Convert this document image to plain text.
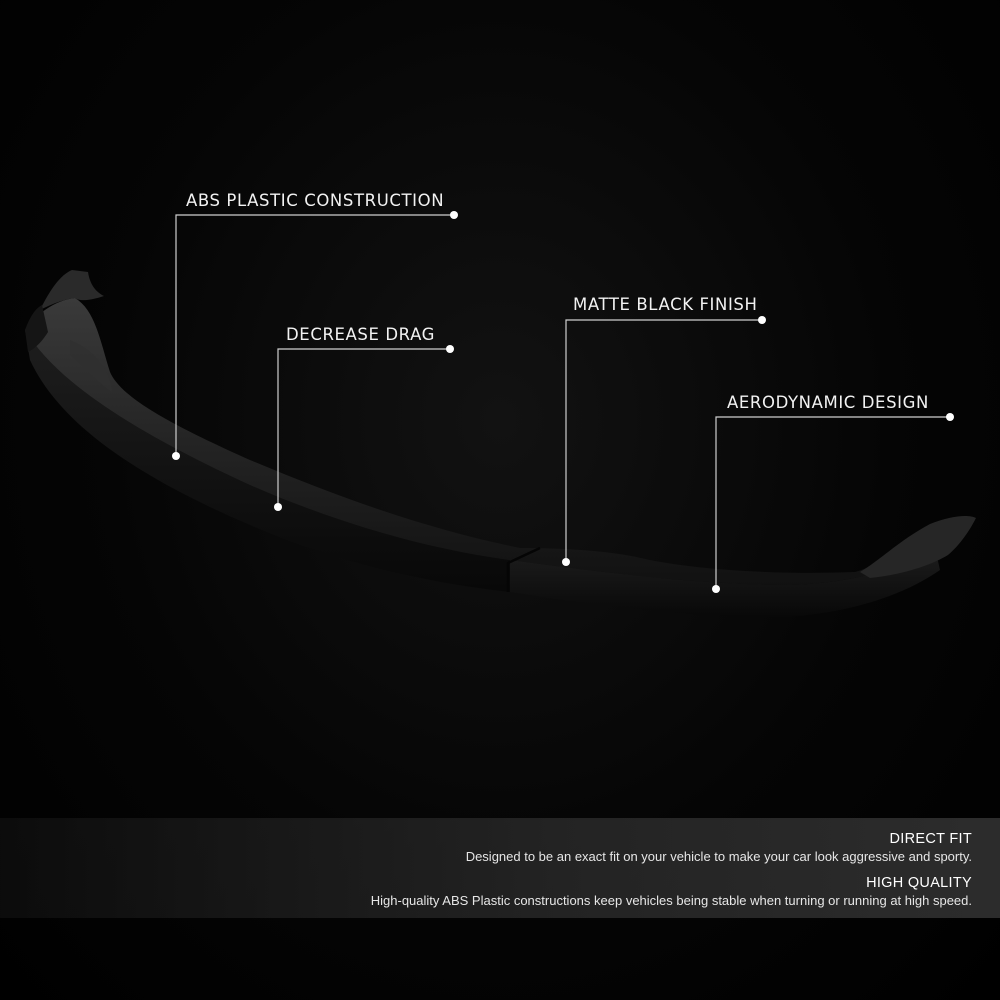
ABS PLASTIC CONSTRUCTION
DECREASE DRAG
MATTE BLACK FINISH
AERODYNAMIC DESIGN
DIRECT FIT
Designed to be an exact fit on your vehicle to make your car look aggressive and sporty.
HIGH QUALITY
High-quality ABS Plastic constructions keep vehicles being stable when turning or running at high speed.
